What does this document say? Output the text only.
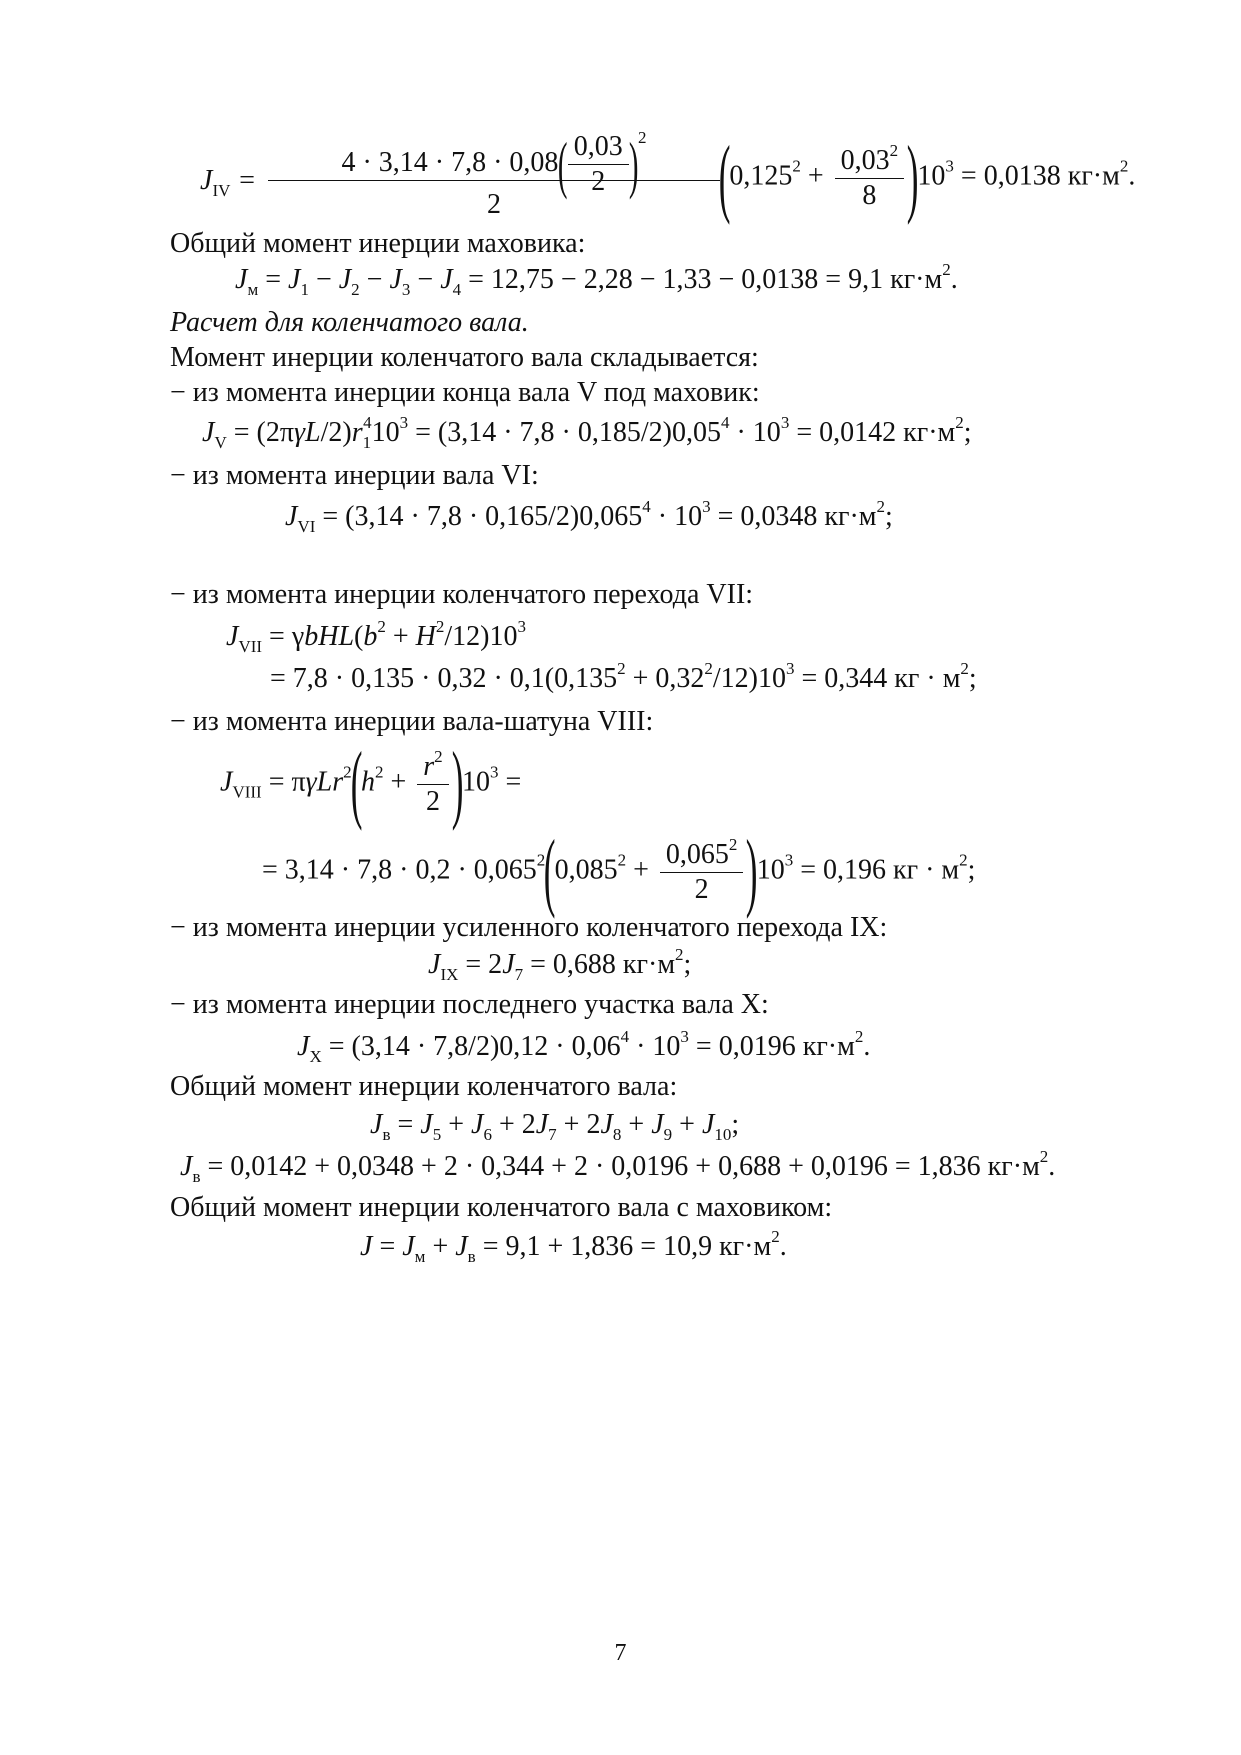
$J_{IV}$ =
$4 \cdot 3,14 \cdot 7,8 \cdot 0,08( \frac{0,03}{2} )^2$
2	$(0,125^2 + \frac{0,03^2}{8} )10^3 = 0,0138$ $кг\cdot м^2$.
Общий момент инерции маховика:
$J_м = J_1 - J_2 - J_3 - J_4 = 12,75 - 2,28 - 1,33 - 0,0138 = 9,1$ $кг\cdot м^2$.
Расчет для коленчатого вала.
Момент инерции коленчатого вала складывается:
− из момента инерции конца вала V под маховик:
$J_V = (2\pi\gamma L/2)r_1^410^3 = (3,14 \cdot 7,8 \cdot 0,185/2)0,05^4 \cdot 10^3 = 0,0142$ $кг\cdot м^2$;
− из момента инерции вала VI:
$J_{VI} = (3,14 \cdot 7,8 \cdot 0,165/2)0,065^4 \cdot 10^3 = 0,0348$ $кг\cdot м^2$;
− из момента инерции коленчатого перехода VII:
$J_{VII} = \gamma bHL(b^2 + H^2/12)10^3$
= $7,8 \cdot 0,135 \cdot 0,32 \cdot 0,1(0,135^2 + 0,32^2/12)10^3 = 0,344$ кг · $м^2$;
− из момента инерции вала-шатуна VIII:
$J_{VIII} = \pi\gamma Lr^2(h^2 + \frac{r^2}{2} )10^3$ =
= $3,14 \cdot 7,8 \cdot 0,2 \cdot 0,065^2(0,085^2 + \frac{0,065^2}{2} )10^3 = 0,196$ кг · $м^2$;
− из момента инерции усиленного коленчатого перехода IX:
$J_{IX} = 2J_7 = 0,688$ $кг\cdot м^2$;
− из момента инерции последнего участка вала X:
$J_X = (3,14 \cdot 7,8/2)0,12 \cdot 0,06^4 \cdot 10^3 = 0,0196$ $кг\cdot м^2$.
Общий момент инерции коленчатого вала:
$J_в = J_5 + J_6 + 2J_7 + 2J_8 + J_9 + J_{10}$;
$J_в = 0,0142 + 0,0348 + 2 \cdot 0,344 + 2 \cdot 0,0196 + 0,688 + 0,0196 = 1,836$ $кг\cdot м^2$.
Общий момент инерции коленчатого вала с маховиком:
$J = J_м + J_в = 9,1 + 1,836 = 10,9$ $кг\cdot м^2$.
7
